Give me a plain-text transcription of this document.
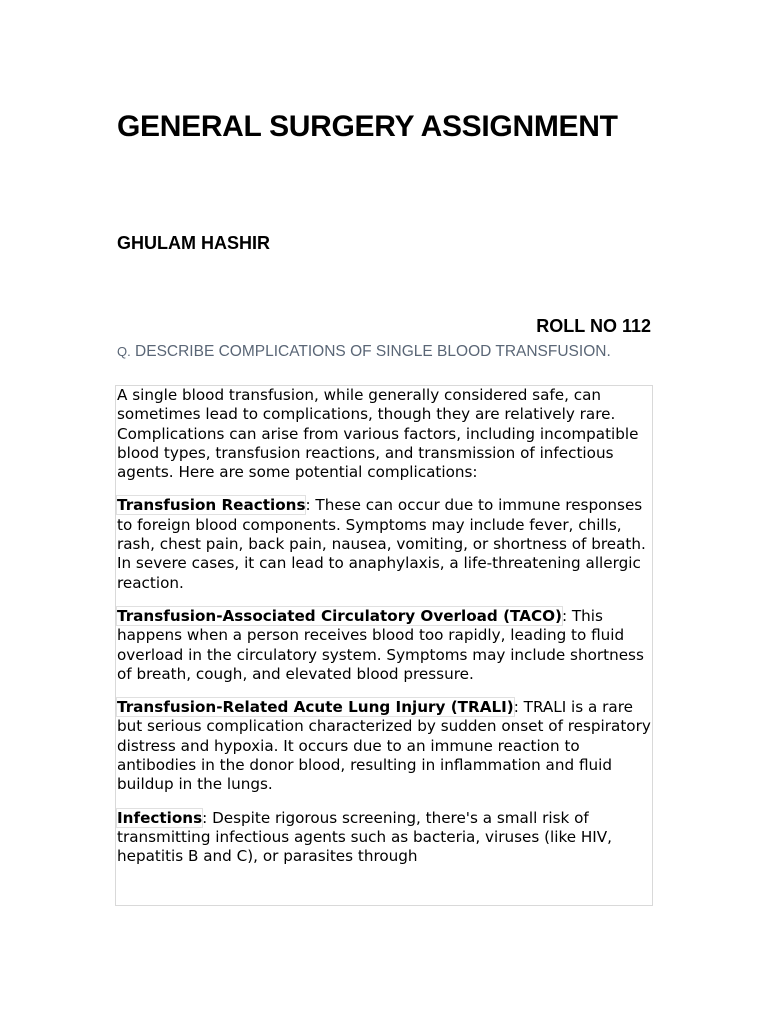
GENERAL SURGERY ASSIGNMENT
GHULAM HASHIR
ROLL NO 112
Q. DESCRIBE COMPLICATIONS OF SINGLE BLOOD TRANSFUSION.

A single blood transfusion, while generally considered safe, can sometimes lead to complications, though they are relatively rare. Complications can arise from various factors, including incompatible blood types, transfusion reactions, and transmission of infectious agents. Here are some potential complications:

Transfusion Reactions: These can occur due to immune responses to foreign blood components. Symptoms may include fever, chills, rash, chest pain, back pain, nausea, vomiting, or shortness of breath. In severe cases, it can lead to anaphylaxis, a life-threatening allergic reaction.

Transfusion-Associated Circulatory Overload (TACO): This happens when a person receives blood too rapidly, leading to fluid overload in the circulatory system. Symptoms may include shortness of breath, cough, and elevated blood pressure.

Transfusion-Related Acute Lung Injury (TRALI): TRALI is a rare but serious complication characterized by sudden onset of respiratory distress and hypoxia. It occurs due to an immune reaction to antibodies in the donor blood, resulting in inflammation and fluid buildup in the lungs.

Infections: Despite rigorous screening, there's a small risk of transmitting infectious agents such as bacteria, viruses (like HIV, hepatitis B and C), or parasites through
